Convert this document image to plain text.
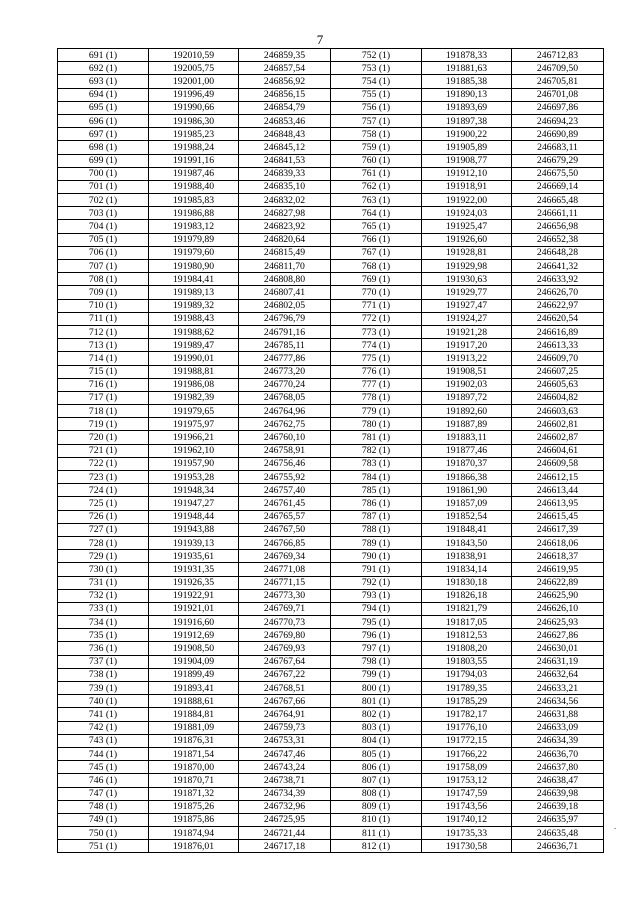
7
691 (1)	192010,59	246859,35	752 (1)	191878,33	246712,83
692 (1)	192005,75	246857,54	753 (1)	191881,63	246709,50
693 (1)	192001,00	246856,92	754 (1)	191885,38	246705,81
694 (1)	191996,49	246856,15	755 (1)	191890,13	246701,08
695 (1)	191990,66	246854,79	756 (1)	191893,69	246697,86
696 (1)	191986,30	246853,46	757 (1)	191897,38	246694,23
697 (1)	191985,23	246848,43	758 (1)	191900,22	246690,89
698 (1)	191988,24	246845,12	759 (1)	191905,89	246683,11
699 (1)	191991,16	246841,53	760 (1)	191908,77	246679,29
700 (1)	191987,46	246839,33	761 (1)	191912,10	246675,50
701 (1)	191988,40	246835,10	762 (1)	191918,91	246669,14
702 (1)	191985,83	246832,02	763 (1)	191922,00	246665,48
703 (1)	191986,88	246827,98	764 (1)	191924,03	246661,11
704 (1)	191983,12	246823,92	765 (1)	191925,47	246656,98
705 (1)	191979,89	246820,64	766 (1)	191926,60	246652,38
706 (1)	191979,60	246815,49	767 (1)	191928,81	246648,28
707 (1)	191980,90	246811,70	768 (1)	191929,98	246641,32
708 (1)	191984,41	246808,80	769 (1)	191930,63	246633,92
709 (1)	191989,13	246807,41	770 (1)	191929,77	246626,70
710 (1)	191989,32	246802,05	771 (1)	191927,47	246622,97
711 (1)	191988,43	246796,79	772 (1)	191924,27	246620,54
712 (1)	191988,62	246791,16	773 (1)	191921,28	246616,89
713 (1)	191989,47	246785,11	774 (1)	191917,20	246613,33
714 (1)	191990,01	246777,86	775 (1)	191913,22	246609,70
715 (1)	191988,81	246773,20	776 (1)	191908,51	246607,25
716 (1)	191986,08	246770,24	777 (1)	191902,03	246605,63
717 (1)	191982,39	246768,05	778 (1)	191897,72	246604,82
718 (1)	191979,65	246764,96	779 (1)	191892,60	246603,63
719 (1)	191975,97	246762,75	780 (1)	191887,89	246602,81
720 (1)	191966,21	246760,10	781 (1)	191883,11	246602,87
721 (1)	191962,10	246758,91	782 (1)	191877,46	246604,61
722 (1)	191957,90	246756,46	783 (1)	191870,37	246609,58
723 (1)	191953,28	246755,92	784 (1)	191866,38	246612,15
724 (1)	191948,34	246757,40	785 (1)	191861,90	246613,44
725 (1)	191947,27	246761,45	786 (1)	191857,09	246613,95
726 (1)	191948,44	246765,57	787 (1)	191852,54	246615,45
727 (1)	191943,88	246767,50	788 (1)	191848,41	246617,39
728 (1)	191939,13	246766,85	789 (1)	191843,50	246618,06
729 (1)	191935,61	246769,34	790 (1)	191838,91	246618,37
730 (1)	191931,35	246771,08	791 (1)	191834,14	246619,95
731 (1)	191926,35	246771,15	792 (1)	191830,18	246622,89
732 (1)	191922,91	246773,30	793 (1)	191826,18	246625,90
733 (1)	191921,01	246769,71	794 (1)	191821,79	246626,10
734 (1)	191916,60	246770,73	795 (1)	191817,05	246625,93
735 (1)	191912,69	246769,80	796 (1)	191812,53	246627,86
736 (1)	191908,50	246769,93	797 (1)	191808,20	246630,01
737 (1)	191904,09	246767,64	798 (1)	191803,55	246631,19
738 (1)	191899,49	246767,22	799 (1)	191794,03	246632,64
739 (1)	191893,41	246768,51	800 (1)	191789,35	246633,21
740 (1)	191888,61	246767,66	801 (1)	191785,29	246634,56
741 (1)	191884,81	246764,91	802 (1)	191782,17	246631,88
742 (1)	191881,09	246759,73	803 (1)	191776,10	246633,09
743 (1)	191876,31	246753,31	804 (1)	191772,15	246634,39
744 (1)	191871,54	246747,46	805 (1)	191766,22	246636,70
745 (1)	191870,00	246743,24	806 (1)	191758,09	246637,80
746 (1)	191870,71	246738,71	807 (1)	191753,12	246638,47
747 (1)	191871,32	246734,39	808 (1)	191747,59	246639,98
748 (1)	191875,26	246732,96	809 (1)	191743,56	246639,18
749 (1)	191875,86	246725,95	810 (1)	191740,12	246635,97
750 (1)	191874,94	246721,44	811 (1)	191735,33	246635,48
751 (1)	191876,01	246717,18	812 (1)	191730,58	246636,71
.
